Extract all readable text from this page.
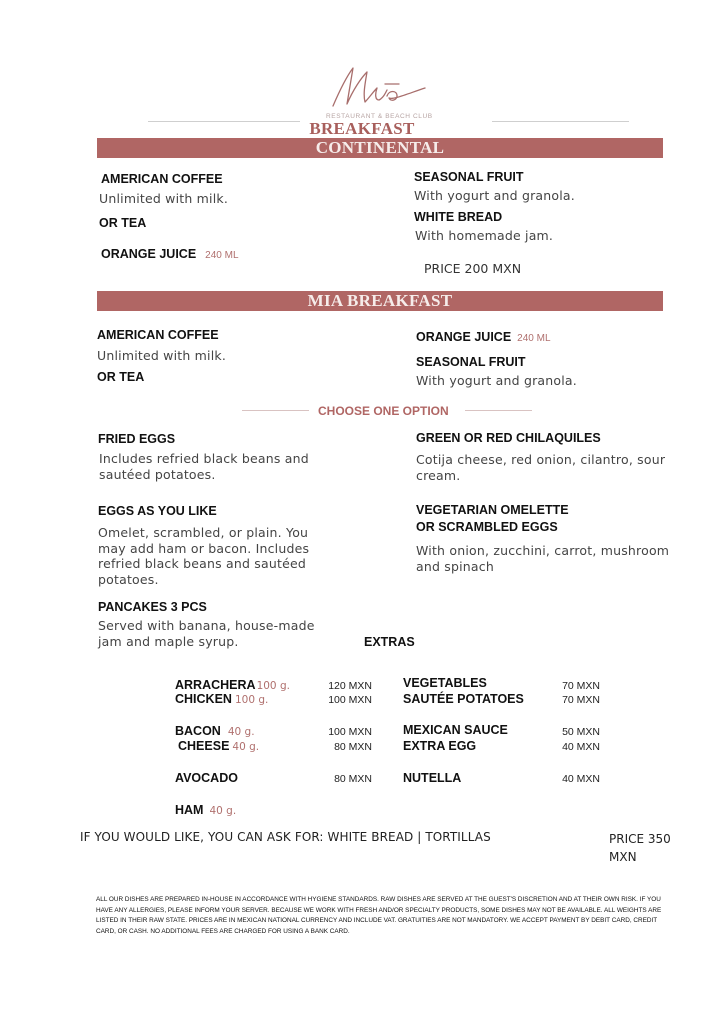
RESTAURANT & BEACH CLUB
BREAKFAST
CONTINENTAL
AMERICAN COFFEE
Unlimited with milk.
OR TEA
ORANGE JUICE 240 ML
SEASONAL FRUIT
With yogurt and granola.
WHITE BREAD
With homemade jam.
PRICE 200 MXN
MIA BREAKFAST
AMERICAN COFFEE
Unlimited with milk.
OR TEA
ORANGE JUICE 240 ML
SEASONAL FRUIT
With yogurt and granola.
CHOOSE ONE OPTION
FRIED EGGS
Includes refried black beans and sautéed potatoes.
GREEN OR RED CHILAQUILES
Cotija cheese, red onion, cilantro, sour cream.
EGGS AS YOU LIKE
Omelet, scrambled, or plain. You may add ham or bacon. Includes refried black beans and sautéed potatoes.
VEGETARIAN OMELETTE
OR SCRAMBLED EGGS
With onion, zucchini, carrot, mushroom and spinach
PANCAKES 3 PCS
Served with banana, house-made jam and maple syrup.	EXTRAS
ARRACHERA100 g.	120 MXN
CHICKEN 100 g.	100 MXN
BACON 40 g.	100 MXN
CHEESE 40 g.	80 MXN
AVOCADO	80 MXN
HAM 40 g.
VEGETABLES	70 MXN
SAUTÉE POTATOES	70 MXN
MEXICAN SAUCE	50 MXN
EXTRA EGG	40 MXN
NUTELLA	40 MXN
IF YOU WOULD LIKE, YOU CAN ASK FOR: WHITE BREAD | TORTILLAS	PRICE 350 MXN
ALL OUR DISHES ARE PREPARED IN-HOUSE IN ACCORDANCE WITH HYGIENE STANDARDS. RAW DISHES ARE SERVED AT THE GUEST'S DISCRETION AND AT THEIR OWN RISK. IF YOU HAVE ANY ALLERGIES, PLEASE INFORM YOUR SERVER. BECAUSE WE WORK WITH FRESH AND/OR SPECIALTY PRODUCTS, SOME DISHES MAY NOT BE AVAILABLE. ALL WEIGHTS ARE LISTED IN THEIR RAW STATE. PRICES ARE IN MEXICAN NATIONAL CURRENCY AND INCLUDE VAT. GRATUITIES ARE NOT MANDATORY. WE ACCEPT PAYMENT BY DEBIT CARD, CREDIT CARD, OR CASH. NO ADDITIONAL FEES ARE CHARGED FOR USING A BANK CARD.
